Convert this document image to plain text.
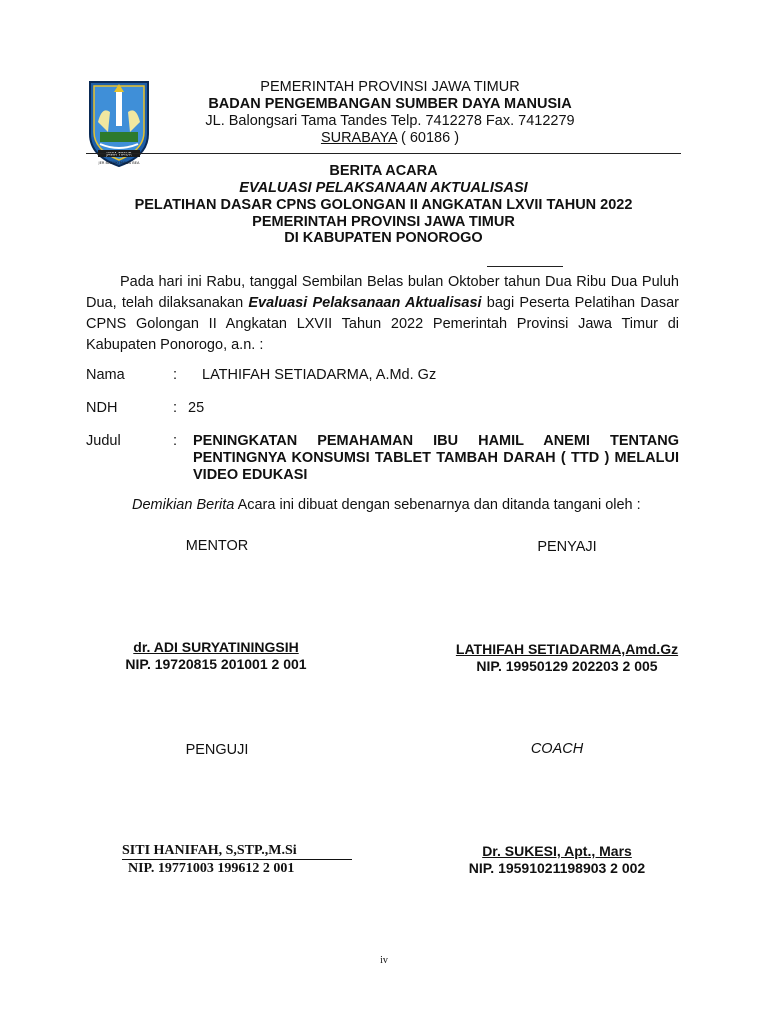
JAWA TIMUR
JER BASUKI MAWA BEA
PEMERINTAH PROVINSI JAWA TIMUR
BADAN PENGEMBANGAN SUMBER DAYA MANUSIA
JL. Balongsari Tama Tandes Telp. 7412278 Fax. 7412279
SURABAYA ( 60186 )
BERITA ACARA
EVALUASI PELAKSANAAN AKTUALISASI
PELATIHAN DASAR CPNS GOLONGAN II ANGKATAN LXVII TAHUN 2022
PEMERINTAH PROVINSI JAWA TIMUR
DI KABUPATEN PONOROGO
Pada hari ini Rabu, tanggal Sembilan Belas bulan Oktober tahun Dua Ribu Dua Puluh Dua, telah dilaksanakan Evaluasi Pelaksanaan Aktualisasi bagi Peserta Pelatihan Dasar CPNS Golongan II Angkatan LXVII Tahun 2022 Pemerintah Provinsi Jawa Timur di Kabupaten Ponorogo, a.n. :
Nama	: LATHIFAH SETIADARMA, A.Md. Gz
NDH	: 25
Judul	: PENINGKATAN PEMAHAMAN IBU HAMIL ANEMI TENTANG PENTINGNYA KONSUMSI TABLET TAMBAH DARAH ( TTD ) MELALUI VIDEO EDUKASI
Demikian Berita Acara ini dibuat dengan sebenarnya dan ditanda tangani oleh :
MENTOR
dr. ADI SURYATININGSIH
NIP. 19720815 201001 2 001
PENYAJI
LATHIFAH SETIADARMA,Amd.Gz
NIP. 19950129 202203 2 005
PENGUJI
SITI HANIFAH, S,STP.,M.Si
NIP. 19771003 199612 2 001
COACH
Dr. SUKESI, Apt., Mars
NIP. 19591021198903 2 002
iv
